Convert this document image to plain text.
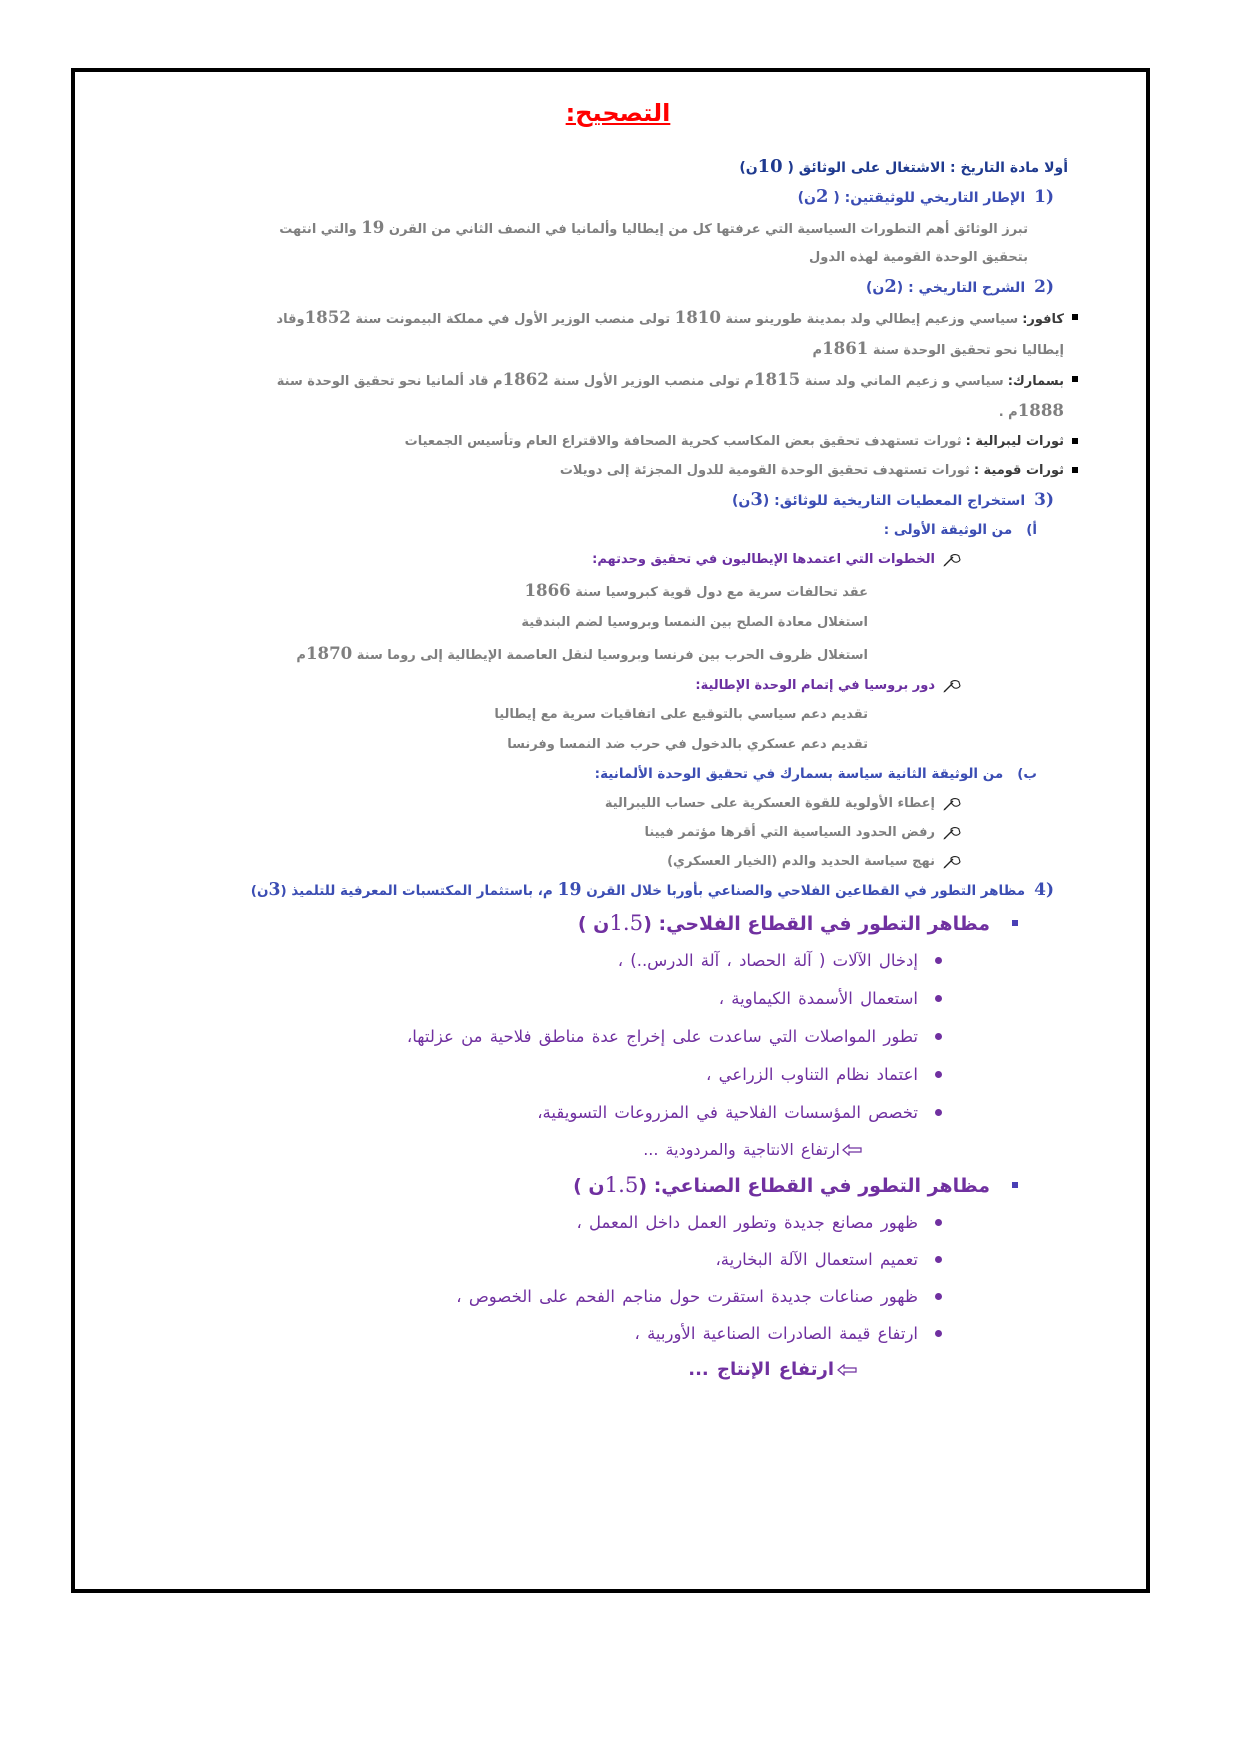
التصحيح:
أولا مادة التاريخ : الاشتغال على الوثائق ( 10ن)
1)الإطار التاريخي للوثيقتين: ( 2ن)
تبرز الوثائق أهم التطورات السياسية التي عرفتها كل من إيطاليا وألمانيا في النصف الثاني من القرن 19 والتي انتهت
بتحقيق الوحدة القومية لهذه الدول
2)الشرح التاريخي : (2ن)
كافور:سياسي وزعيم إيطالي ولد بمدينة طورينو سنة 1810 تولى منصب الوزير الأول في مملكة البيمونت سنة 1852وقاد
إيطاليا نحو تحقيق الوحدة سنة 1861م
بسمارك:سياسي و زعيم الماني ولد سنة 1815م تولى منصب الوزير الأول سنة 1862م قاد ألمانيا نحو تحقيق الوحدة سنة
1888م .
ثورات ليبرالية :ثورات تستهدف تحقيق بعض المكاسب كحرية الصحافة والاقتراع العام وتأسيس الجمعيات
ثورات قومية :ثورات تستهدف تحقيق الوحدة القومية للدول المجزئة إلى دويلات
3)استخراج المعطيات التاريخية للوثائق: (3ن)
أ)من الوثيقة الأولى :
الخطوات التي اعتمدها الإيطاليون في تحقيق وحدتهم:
عقد تحالفات سرية مع دول قوية كبروسيا سنة 1866
استغلال معادة الصلح بين النمسا وبروسيا لضم البندقية
استغلال ظروف الحرب بين فرنسا وبروسيا لنقل العاصمة الإيطالية إلى روما سنة 1870م
دور بروسيا في إتمام الوحدة الإطالية:
تقديم دعم سياسي بالتوقيع على اتفاقيات سرية مع إيطاليا
تقديم دعم عسكري بالدخول في حرب ضد النمسا وفرنسا
ب)من الوثيقة الثانية سياسة بسمارك في تحقيق الوحدة الألمانية:
إعطاء الأولوية للقوة العسكرية على حساب الليبرالية
رفض الحدود السياسية التي أقرها مؤتمر فيينا
نهج سياسة الحديد والدم (الخيار العسكري)
4)مظاهر التطور في القطاعين الفلاحي والصناعي بأوربا خلال القرن 19 م، باستثمار المكتسبات المعرفية للتلميذ (3ن)
مظاهر التطور في القطاع الفلاحي: (1.5ن )
إدخال الآلات ( آلة الحصاد ، آلة الدرس..) ،
استعمال الأسمدة الكيماوية ،
تطور المواصلات التي ساعدت على إخراج عدة مناطق فلاحية من عزلتها،
اعتماد نظام التناوب الزراعي ،
تخصص المؤسسات الفلاحية في المزروعات التسويقية،
ارتفاع الانتاجية والمردودية ...
مظاهر التطور في القطاع الصناعي: (1.5ن )
ظهور مصانع جديدة وتطور العمل داخل المعمل ،
تعميم استعمال الآلة البخارية،
ظهور صناعات جديدة استقرت حول مناجم الفحم على الخصوص ،
ارتفاع قيمة الصادرات الصناعية الأوربية ،
ارتفاع الإنتاج ...
